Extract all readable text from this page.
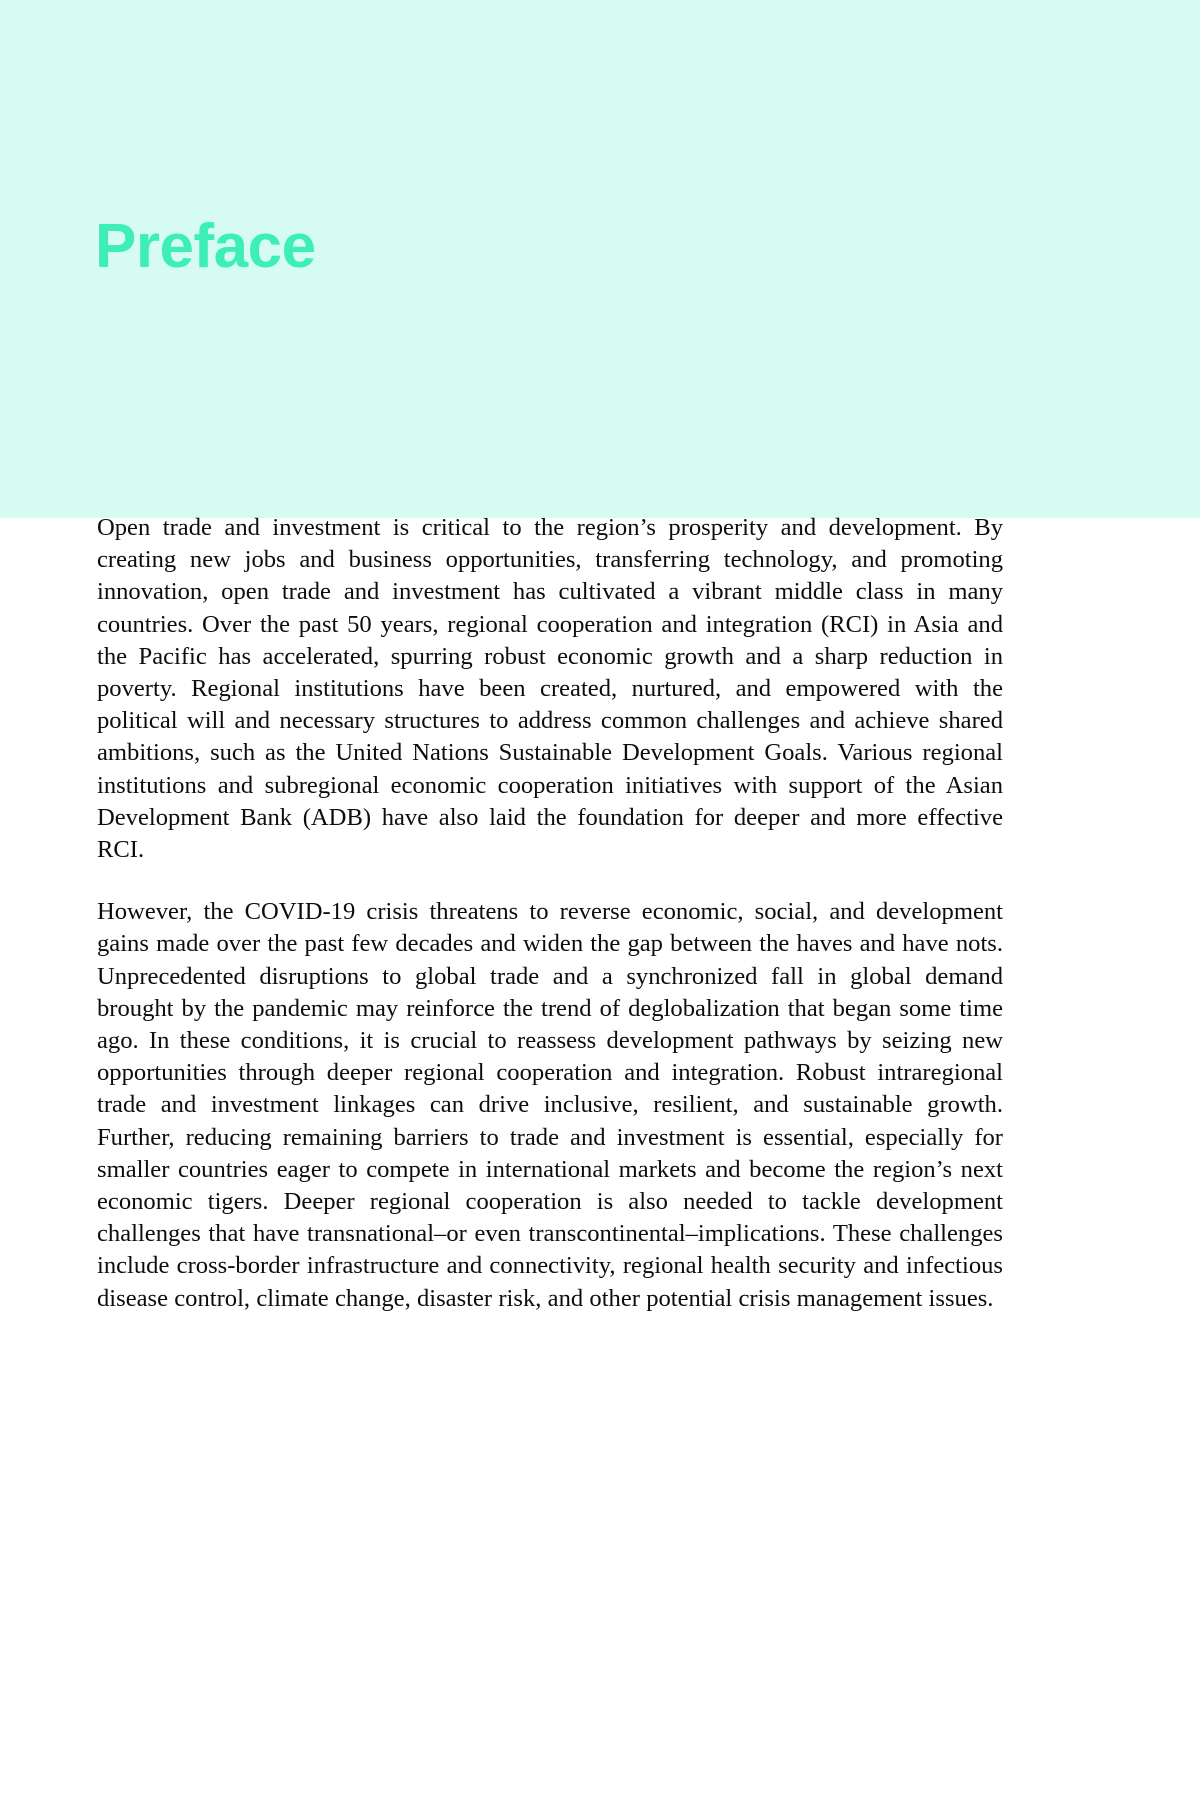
Preface

Open trade and investment is critical to the region’s prosperity and development. By creating new jobs and business opportunities, transferring technology, and promoting innovation, open trade and investment has cultivated a vibrant middle class in many countries. Over the past 50 years, regional cooperation and integration (RCI) in Asia and the Pacific has accelerated, spurring robust economic growth and a sharp reduction in poverty. Regional institutions have been created, nurtured, and empowered with the political will and necessary structures to address common challenges and achieve shared ambitions, such as the United Nations Sustainable Development Goals. Various regional institutions and subregional economic cooperation initiatives with support of the Asian Development Bank (ADB) have also laid the foundation for deeper and more effective RCI.

However, the COVID-19 crisis threatens to reverse economic, social, and development gains made over the past few decades and widen the gap between the haves and have nots. Unprecedented disruptions to global trade and a synchronized fall in global demand brought by the pandemic may reinforce the trend of deglobalization that began some time ago. In these conditions, it is crucial to reassess development pathways by seizing new opportunities through deeper regional cooperation and integration. Robust intraregional trade and investment linkages can drive inclusive, resilient, and sustainable growth. Further, reducing remaining barriers to trade and investment is essential, especially for smaller countries eager to compete in international markets and become the region’s next economic tigers. Deeper regional cooperation is also needed to tackle development challenges that have transnational–or even transcontinental–implications. These challenges include cross-border infrastructure and connectivity, regional health security and infectious disease control, climate change, disaster risk, and other potential crisis management issues.
